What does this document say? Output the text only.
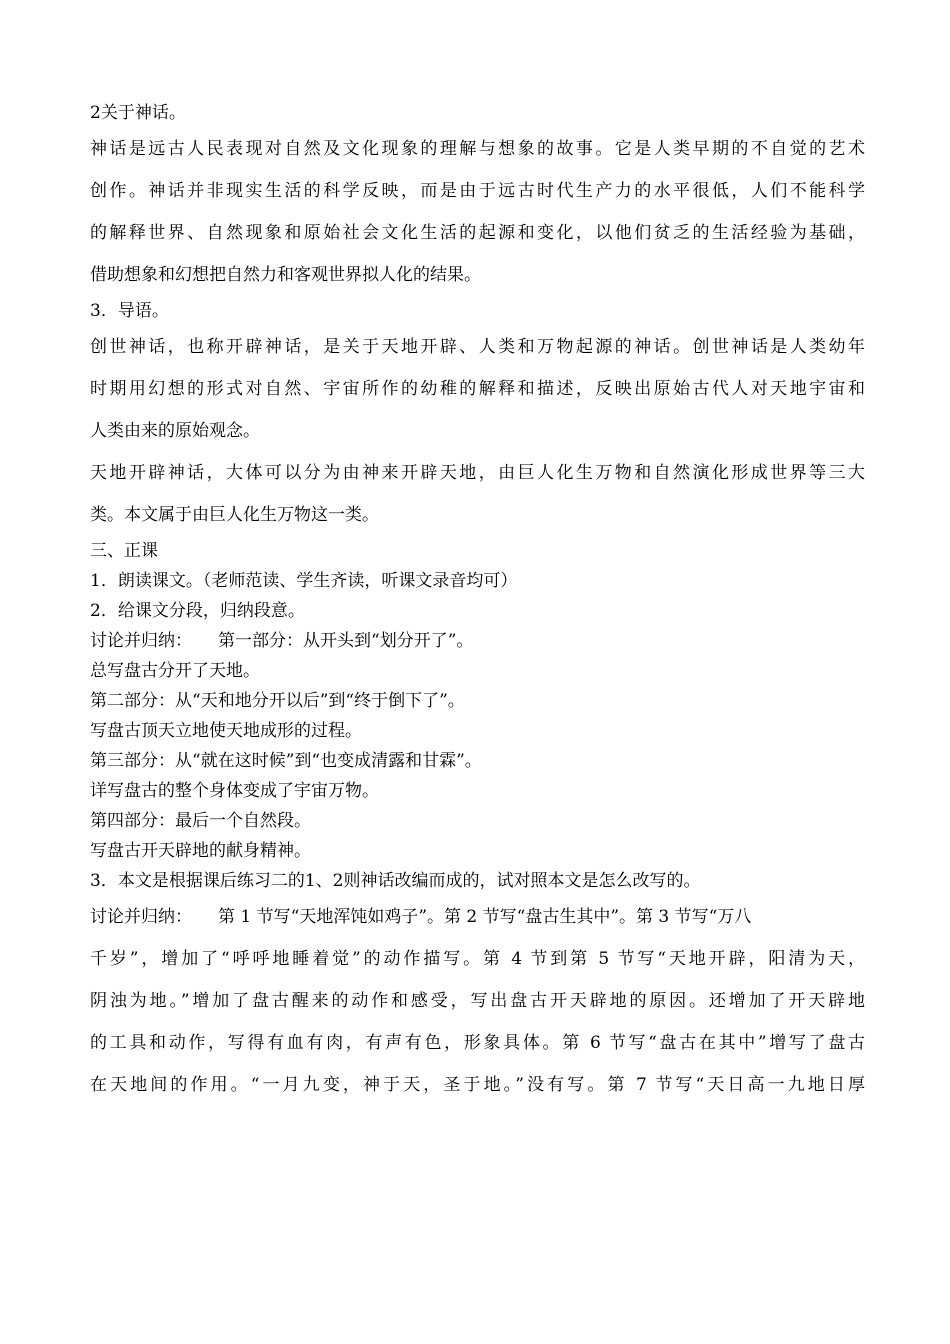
2关于神话。
神话是远古人民表现对自然及文化现象的理解与想象的故事。它是人类早期的不自觉的艺术
创作。神话并非现实生活的科学反映，而是由于远古时代生产力的水平很低，人们不能科学
的解释世界、自然现象和原始社会文化生活的起源和变化，以他们贫乏的生活经验为基础，
借助想象和幻想把自然力和客观世界拟人化的结果。
3．导语。
创世神话，也称开辟神话，是关于天地开辟、人类和万物起源的神话。创世神话是人类幼年
时期用幻想的形式对自然、宇宙所作的幼稚的解释和描述，反映出原始古代人对天地宇宙和
人类由来的原始观念。
天地开辟神话，大体可以分为由神来开辟天地，由巨人化生万物和自然演化形成世界等三大
类。本文属于由巨人化生万物这一类。
三、正课
1．朗读课文。（老师范读、学生齐读，听课文录音均可）
2．给课文分段，归纳段意。
讨论并归纳： 第一部分：从开头到“划分开了”。
总写盘古分开了天地。
第二部分：从“天和地分开以后”到“终于倒下了”。
写盘古顶天立地使天地成形的过程。
第三部分：从“就在这时候”到“也变成清露和甘霖”。
详写盘古的整个身体变成了宇宙万物。
第四部分：最后一个自然段。
写盘古开天辟地的献身精神。
3．本文是根据课后练习二的1、2则神话改编而成的，试对照本文是怎么改写的。
讨论并归纳： 第 1 节写“天地浑饨如鸡子”。第 2 节写“盘古生其中”。第 3 节写“万八
千岁”，增加了“呼呼地睡着觉”的动作描写。第 4 节到第 5 节写“天地开辟，阳清为天，
阴浊为地。”增加了盘古醒来的动作和感受，写出盘古开天辟地的原因。还增加了开天辟地
的工具和动作，写得有血有肉，有声有色，形象具体。第 6 节写“盘古在其中”增写了盘古
在天地间的作用。“一月九变，神于天，圣于地。”没有写。第 7 节写“天日高一九地日厚
